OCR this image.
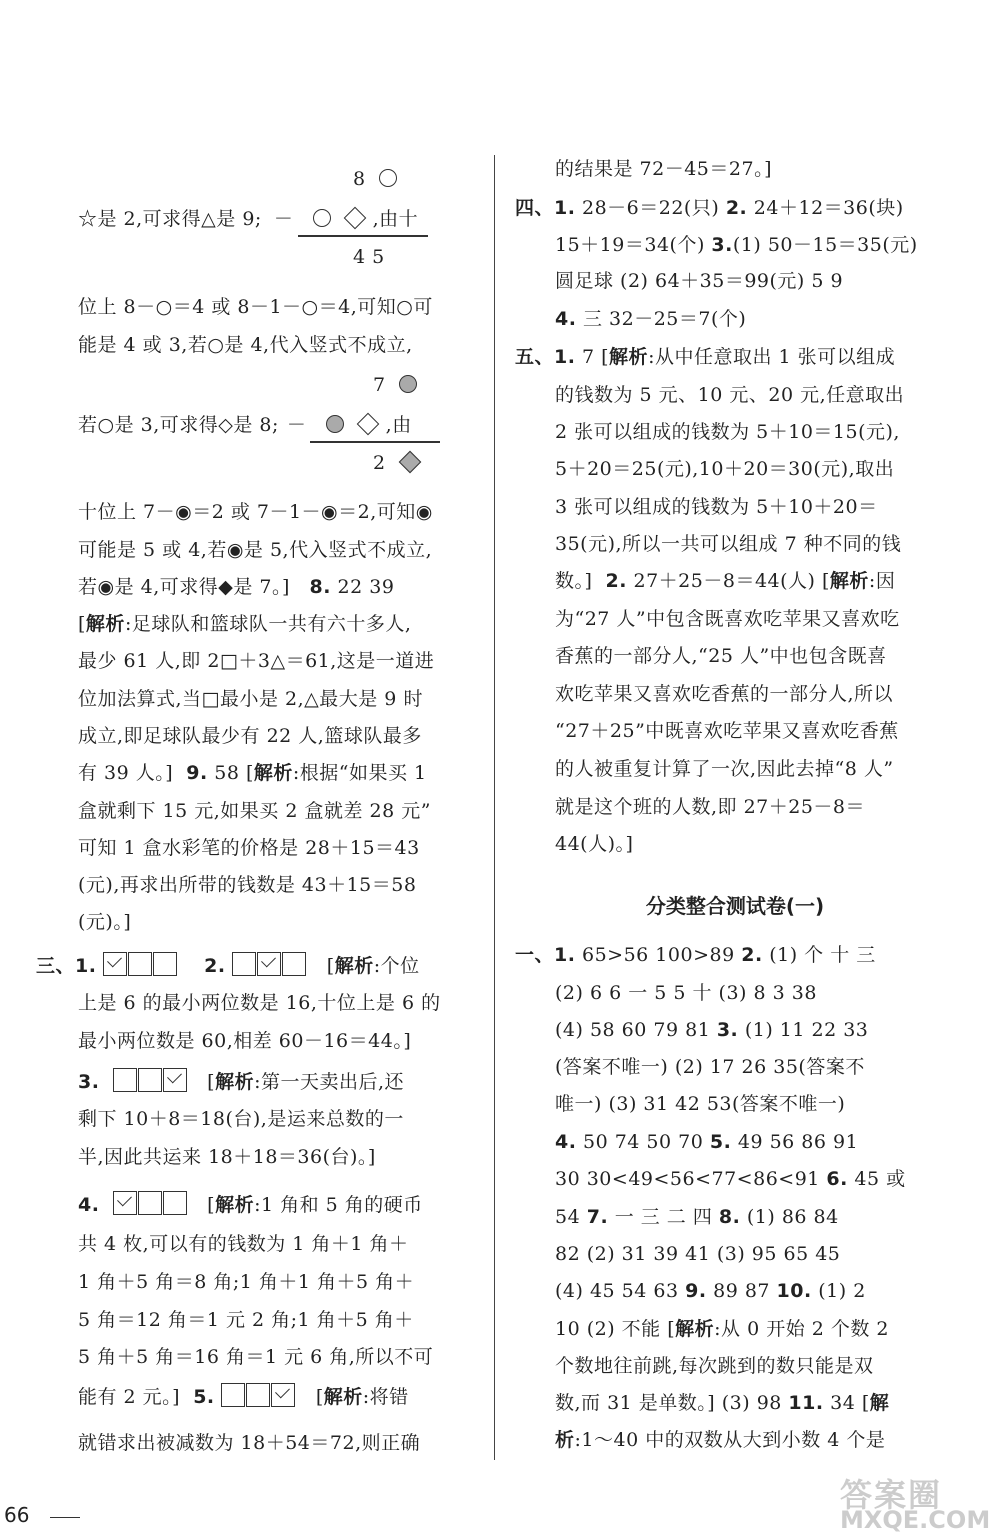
8
☆是 2,可求得△是 9; －	,由十
4 5
位上 8－○＝4 或 8－1－○＝4,可知○可
能是 4 或 3,若○是 4,代入竖式不成立,
7
若○是 3,可求得◇是 8; －	,由
2
十位上 7－◉＝2 或 7－1－◉＝2,可知◉
可能是 5 或 4,若◉是 5,代入竖式不成立,
若◉是 4,可求得◆是 7。] 8. 22 39
[解析:足球队和篮球队一共有六十多人,
最少 61 人,即 2□＋3△＝61,这是一道进
位加法算式,当□最小是 2,△最大是 9 时
成立,即足球队最少有 22 人,篮球队最多
有 39 人。] 9. 58 [解析:根据“如果买 1
盒就剩下 15 元,如果买 2 盒就差 28 元”
可知 1 盒水彩笔的价格是 28＋15＝43
(元),再求出所带的钱数是 43＋15＝58
(元)。]
三、1.	2.	[解析:个位
上是 6 的最小两位数是 16,十位上是 6 的
最小两位数是 60,相差 60－16＝44。]
3.	[解析:第一天卖出后,还
剩下 10＋8＝18(台),是运来总数的一
半,因此共运来 18＋18＝36(台)。]
4.	[解析:1 角和 5 角的硬币
共 4 枚,可以有的钱数为 1 角＋1 角＋
1 角＋5 角＝8 角;1 角＋1 角＋5 角＋
5 角＝12 角＝1 元 2 角;1 角＋5 角＋
5 角＋5 角＝16 角＝1 元 6 角,所以不可
能有 2 元。] 5.	[解析:将错
就错求出被减数为 18＋54＝72,则正确
的结果是 72－45＝27。]
四、1. 28－6＝22(只) 2. 24＋12＝36(块)
15＋19＝34(个) 3.(1) 50－15＝35(元)
圆足球 (2) 64＋35＝99(元) 5 9
4. 三 32－25＝7(个)
五、1. 7 [解析:从中任意取出 1 张可以组成
的钱数为 5 元、10 元、20 元,任意取出
2 张可以组成的钱数为 5＋10＝15(元),
5＋20＝25(元),10＋20＝30(元),取出
3 张可以组成的钱数为 5＋10＋20＝
35(元),所以一共可以组成 7 种不同的钱
数。] 2. 27＋25－8＝44(人) [解析:因
为“27 人”中包含既喜欢吃苹果又喜欢吃
香蕉的一部分人,“25 人”中也包含既喜
欢吃苹果又喜欢吃香蕉的一部分人,所以
“27＋25”中既喜欢吃苹果又喜欢吃香蕉
的人被重复计算了一次,因此去掉“8 人”
就是这个班的人数,即 27＋25－8＝
44(人)。]
分类整合测试卷(一)
一、1. 65>56 100>89 2. (1) 个 十 三
(2) 6 6 一 5 5 十 (3) 8 3 38
(4) 58 60 79 81 3. (1) 11 22 33
(答案不唯一) (2) 17 26 35(答案不
唯一) (3) 31 42 53(答案不唯一)
4. 50 74 50 70 5. 49 56 86 91
30 30<49<56<77<86<91 6. 45 或
54 7. 一 三 二 四 8. (1) 86 84
82 (2) 31 39 41 (3) 95 65 45
(4) 45 54 63 9. 89 87 10. (1) 2
10 (2) 不能 [解析:从 0 开始 2 个数 2
个数地往前跳,每次跳到的数只能是双
数,而 31 是单数。] (3) 98 11. 34 [解
析:1～40 中的双数从大到小数 4 个是
66
答案圈
MXQE.COM
